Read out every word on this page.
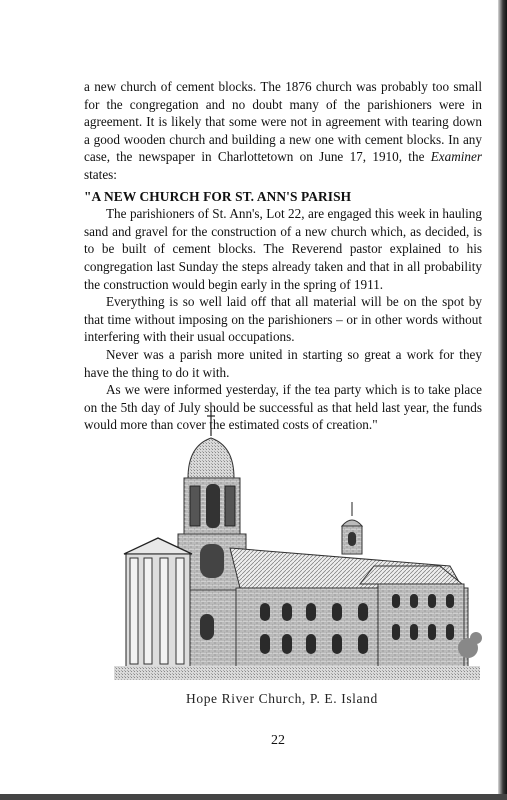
a new church of cement blocks. The 1876 church was probably too small for the congregation and no doubt many of the parishioners were in agreement. It is likely that some were not in agreement with tearing down a good wooden church and building a new one with cement blocks. In any case, the newspaper in Charlottetown on June 17, 1910, the Examiner states:

"A NEW CHURCH FOR ST. ANN'S PARISH

The parishioners of St. Ann's, Lot 22, are engaged this week in hauling sand and gravel for the construction of a new church which, as decided, is to be built of cement blocks. The Reverend pastor explained to his congregation last Sunday the steps already taken and that in all probability the construction would begin early in the spring of 1911.

Everything is so well laid off that all material will be on the spot by that time without imposing on the parishioners – or in other words without interfering with their usual occupations.

Never was a parish more united in starting so great a work for they have the thing to do it with.

As we were informed yesterday, if the tea party which is to take place on the 5th day of July should be successful as that held last year, the funds would more than cover the estimated costs of creation."

Hope River Church, P. E. Island
22
